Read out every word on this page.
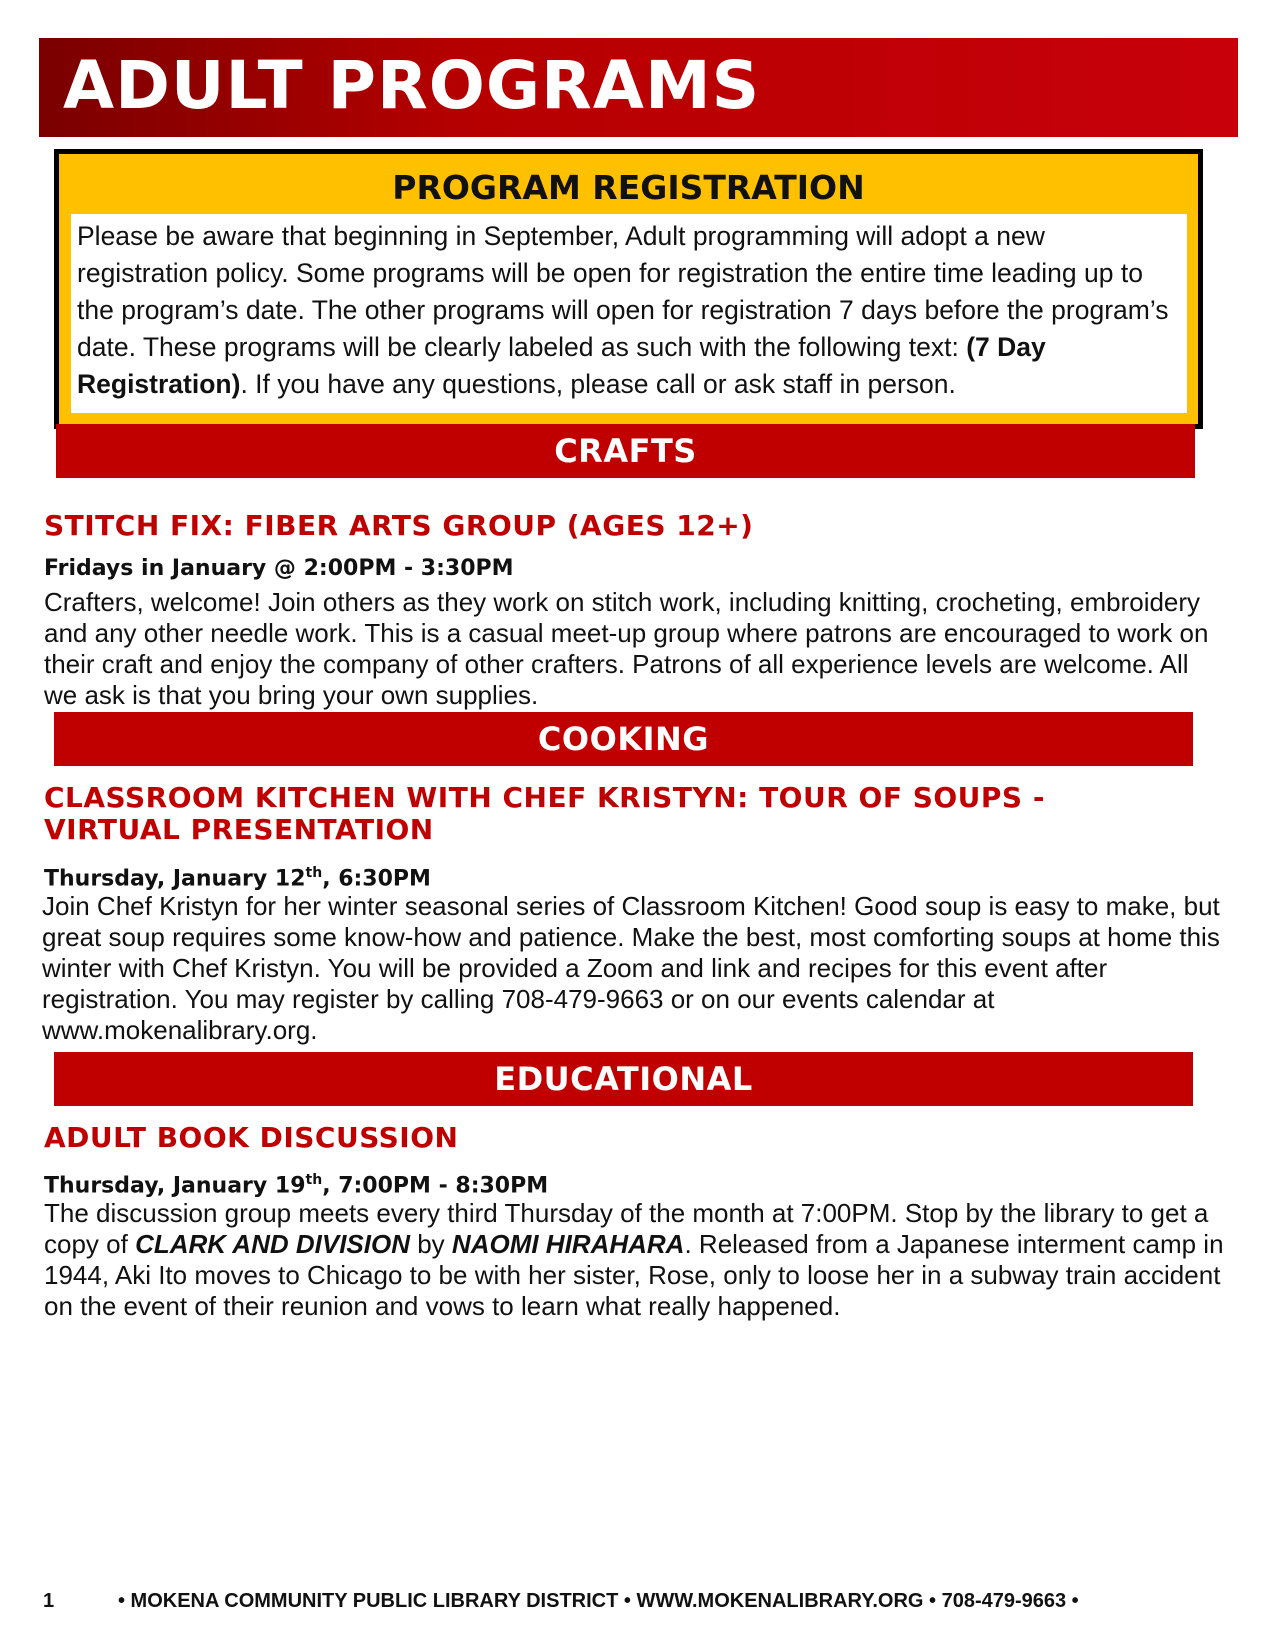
ADULT PROGRAMS
PROGRAM REGISTRATION
Please be aware that beginning in September, Adult programming will adopt a new registration policy. Some programs will be open for registration the entire time leading up to the program’s date. The other programs will open for registration 7 days before the program’s date. These programs will be clearly labeled as such with the following text: (7 Day Registration). If you have any questions, please call or ask staff in person.
CRAFTS
STITCH FIX: FIBER ARTS GROUP (AGES 12+)
Fridays in January @ 2:00PM - 3:30PM
Crafters, welcome! Join others as they work on stitch work, including knitting, crocheting, embroidery and any other needle work. This is a casual meet-up group where patrons are encouraged to work on their craft and enjoy the company of other crafters. Patrons of all experience levels are welcome. All we ask is that you bring your own supplies.
COOKING
CLASSROOM KITCHEN WITH CHEF KRISTYN: TOUR OF SOUPS -
VIRTUAL PRESENTATION
Thursday, January 12th, 6:30PM
Join Chef Kristyn for her winter seasonal series of Classroom Kitchen! Good soup is easy to make, but great soup requires some know-how and patience. Make the best, most comforting soups at home this winter with Chef Kristyn. You will be provided a Zoom and link and recipes for this event after registration. You may register by calling 708-479-9663 or on our events calendar at www.mokenalibrary.org.
EDUCATIONAL
ADULT BOOK DISCUSSION
Thursday, January 19th, 7:00PM - 8:30PM
The discussion group meets every third Thursday of the month at 7:00PM. Stop by the library to get a copy of CLARK AND DIVISION by NAOMI HIRAHARA. Released from a Japanese interment camp in 1944, Aki Ito moves to Chicago to be with her sister, Rose, only to loose her in a subway train accident on the event of their reunion and vows to learn what really happened.
1	• MOKENA COMMUNITY PUBLIC LIBRARY DISTRICT • WWW.MOKENALIBRARY.ORG • 708-479-9663 •
